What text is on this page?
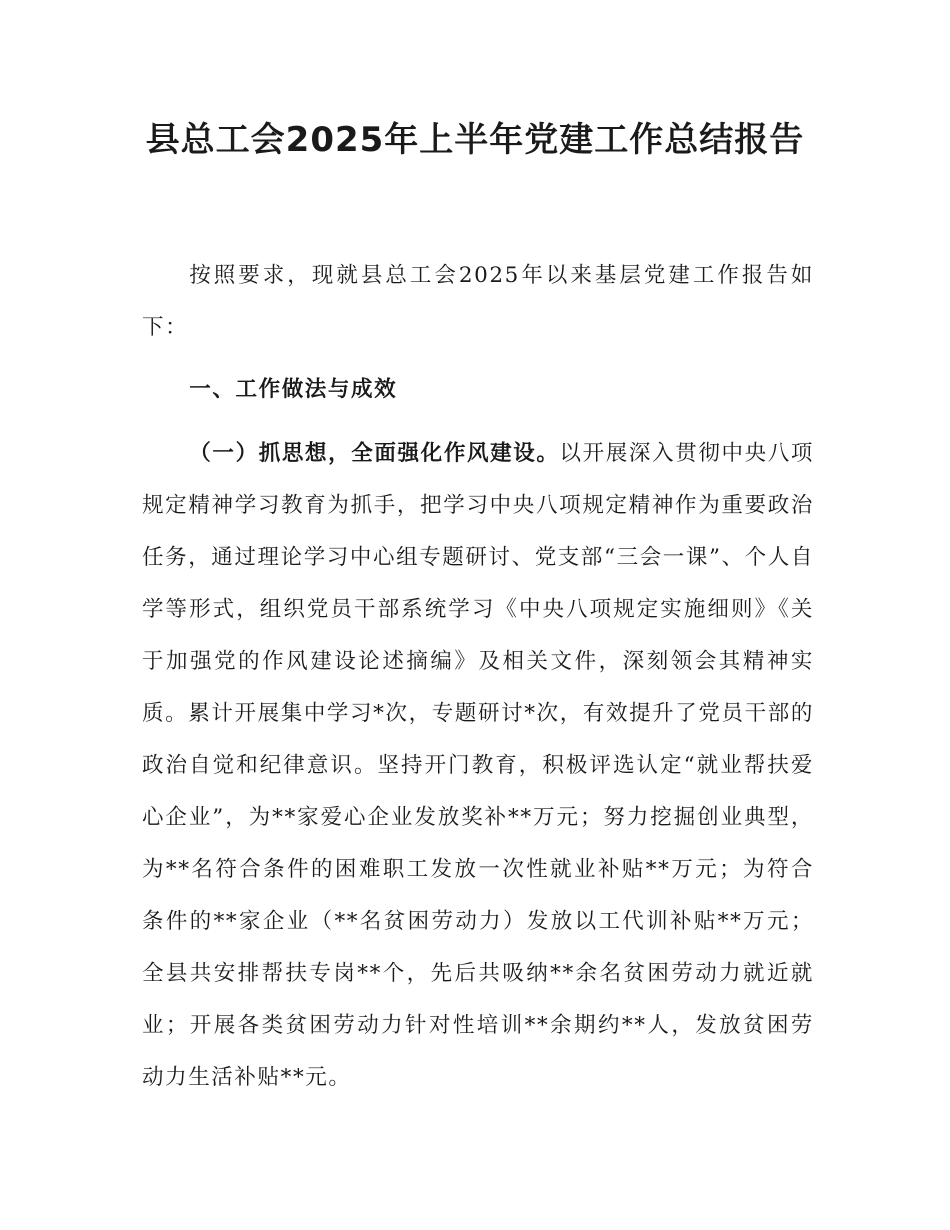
县总工会2025年上半年党建工作总结报告

按照要求，现就县总工会2025年以来基层党建工作报告如下：

一、工作做法与成效

（一）抓思想，全面强化作风建设。以开展深入贯彻中央八项规定精神学习教育为抓手，把学习中央八项规定精神作为重要政治任务，通过理论学习中心组专题研讨、党支部“三会一课”、个人自学等形式，组织党员干部系统学习《中央八项规定实施细则》《关于加强党的作风建设论述摘编》及相关文件，深刻领会其精神实质。累计开展集中学习*次，专题研讨*次，有效提升了党员干部的政治自觉和纪律意识。坚持开门教育，积极评选认定“就业帮扶爱心企业”，为**家爱心企业发放奖补**万元；努力挖掘创业典型，为**名符合条件的困难职工发放一次性就业补贴**万元；为符合条件的**家企业（**名贫困劳动力）发放以工代训补贴**万元；全县共安排帮扶专岗**个，先后共吸纳**余名贫困劳动力就近就业；开展各类贫困劳动力针对性培训**余期约**人，发放贫困劳动力生活补贴**元。
